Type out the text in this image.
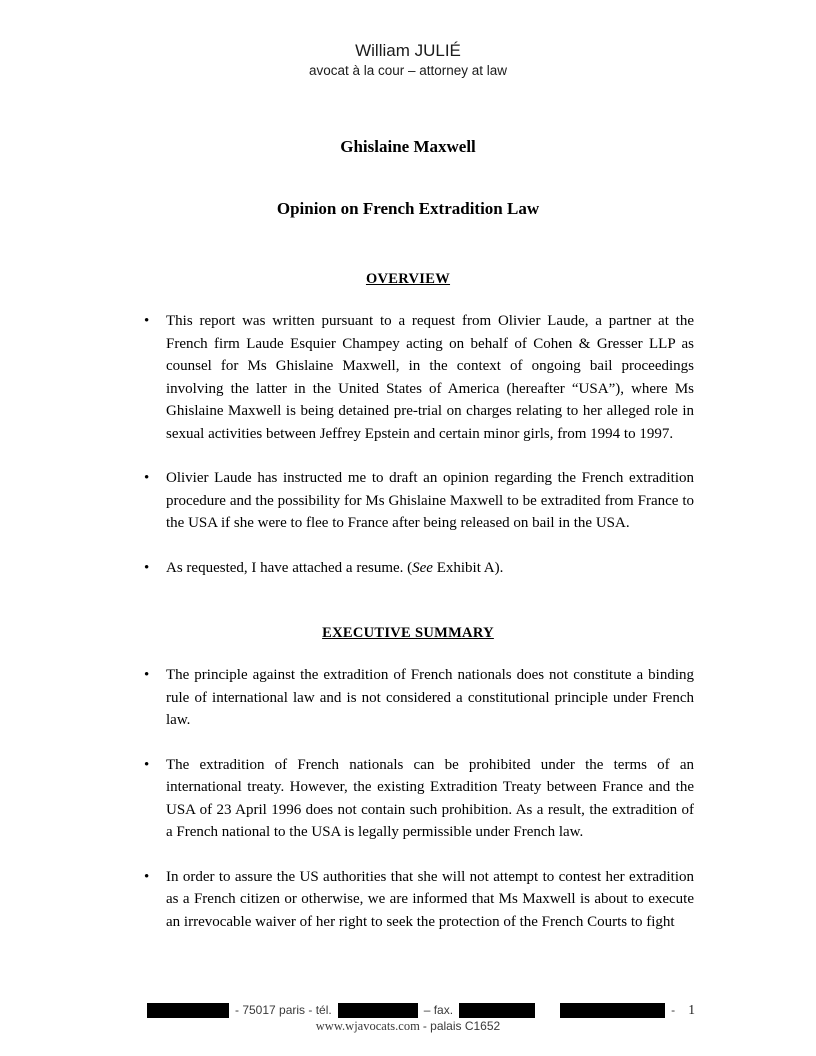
William JULIÉ
avocat à la cour – attorney at law
Ghislaine Maxwell
Opinion on French Extradition Law
OVERVIEW
•	This report was written pursuant to a request from Olivier Laude, a partner at the French firm Laude Esquier Champey acting on behalf of Cohen & Gresser LLP as counsel for Ms Ghislaine Maxwell, in the context of ongoing bail proceedings involving the latter in the United States of America (hereafter “USA”), where Ms Ghislaine Maxwell is being detained pre-trial on charges relating to her alleged role in sexual activities between Jeffrey Epstein and certain minor girls, from 1994 to 1997.
•	Olivier Laude has instructed me to draft an opinion regarding the French extradition procedure and the possibility for Ms Ghislaine Maxwell to be extradited from France to the USA if she were to flee to France after being released on bail in the USA.
•	As requested, I have attached a resume. (See Exhibit A).
EXECUTIVE SUMMARY
•	The principle against the extradition of French nationals does not constitute a binding rule of international law and is not considered a constitutional principle under French law.
•	The extradition of French nationals can be prohibited under the terms of an international treaty. However, the existing Extradition Treaty between France and the USA of 23 April 1996 does not contain such prohibition. As a result, the extradition of a French national to the USA is legally permissible under French law.
•	In order to assure the US authorities that she will not attempt to contest her extradition as a French citizen or otherwise, we are informed that Ms Maxwell is about to execute an irrevocable waiver of her right to seek the protection of the French Courts to fight
- 75017 paris - tél.	– fax.	- 1
www.wjavocats.com - palais C1652
